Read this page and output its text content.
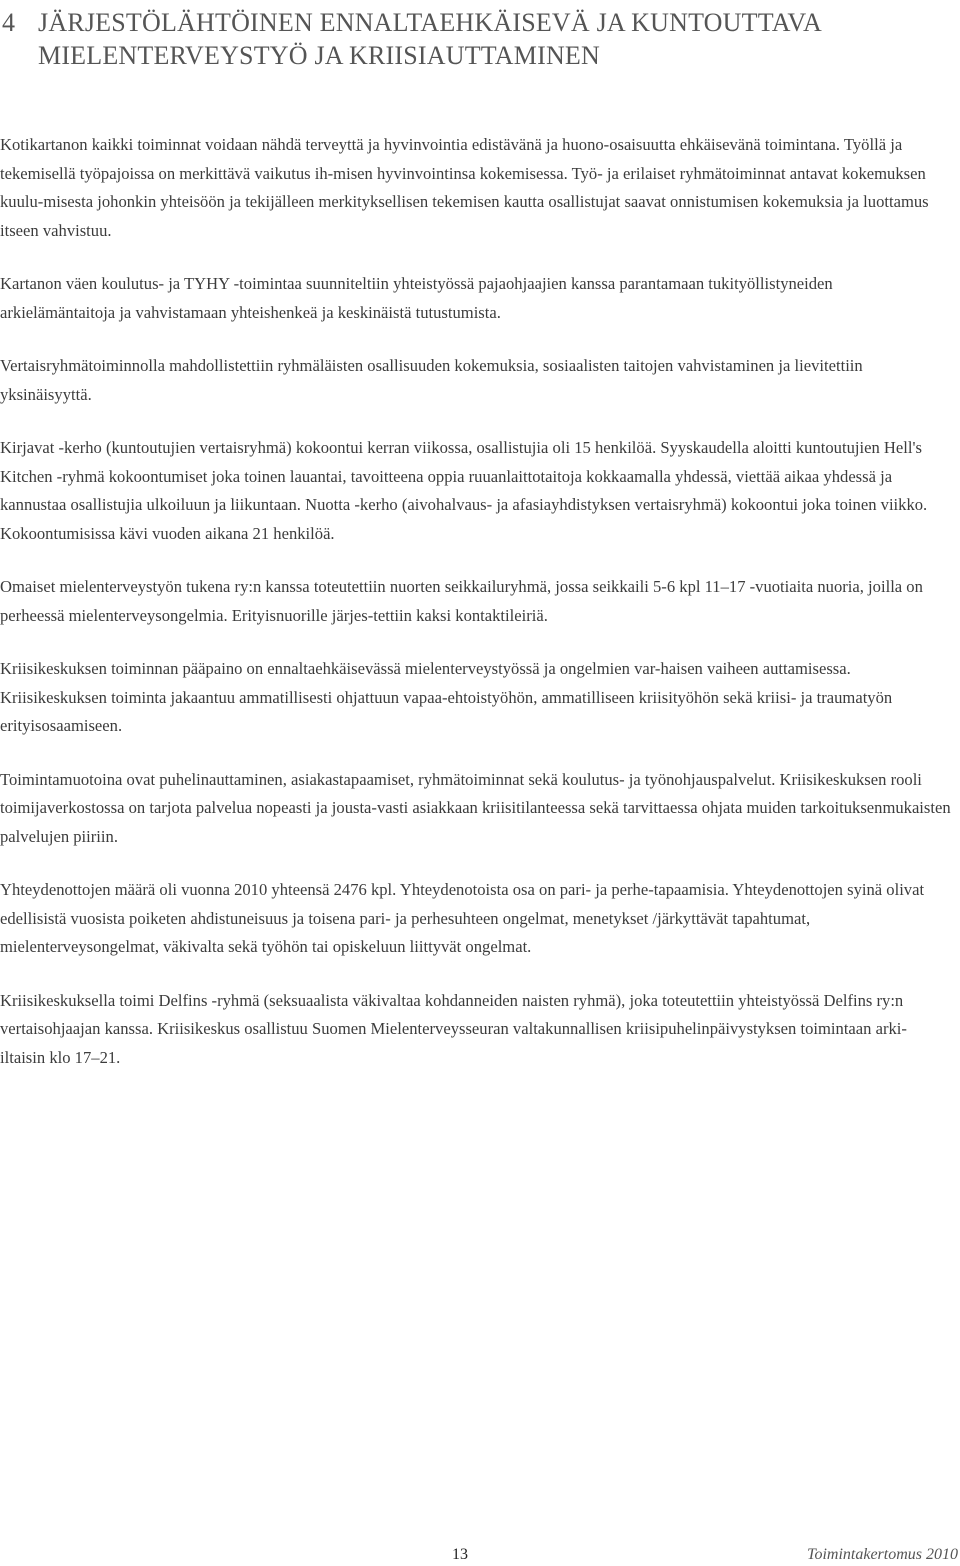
4 JÄRJESTÖLÄHTÖINEN ENNALTAEHKÄISEVÄ JA KUNTOUTTAVA MIELENTERVEYSTYÖ JA KRIISIAUTTAMINEN

Kotikartanon kaikki toiminnat voidaan nähdä terveyttä ja hyvinvointia edistävänä ja huono-osaisuutta ehkäisevänä toimintana. Työllä ja tekemisellä työpajoissa on merkittävä vaikutus ih-misen hyvinvointinsa kokemisessa. Työ- ja erilaiset ryhmätoiminnat antavat kokemuksen kuulu-misesta johonkin yhteisöön ja tekijälleen merkityksellisen tekemisen kautta osallistujat saavat onnistumisen kokemuksia ja luottamus itseen vahvistuu.

Kartanon väen koulutus- ja TYHY -toimintaa suunniteltiin yhteistyössä pajaohjaajien kanssa parantamaan tukityöllistyneiden arkielämäntaitoja ja vahvistamaan yhteishenkeä ja keskinäistä tutustumista.

Vertaisryhmätoiminnolla mahdollistettiin ryhmäläisten osallisuuden kokemuksia, sosiaalisten taitojen vahvistaminen ja lievitettiin yksinäisyyttä.

Kirjavat -kerho (kuntoutujien vertaisryhmä) kokoontui kerran viikossa, osallistujia oli 15 henkilöä. Syyskaudella aloitti kuntoutujien Hell's Kitchen -ryhmä kokoontumiset joka toinen lauantai, tavoitteena oppia ruuanlaittotaitoja kokkaamalla yhdessä, viettää aikaa yhdessä ja kannustaa osallistujia ulkoiluun ja liikuntaan. Nuotta -kerho (aivohalvaus- ja afasiayhdistyksen vertaisryhmä) kokoontui joka toinen viikko. Kokoontumisissa kävi vuoden aikana 21 henkilöä.

Omaiset mielenterveystyön tukena ry:n kanssa toteutettiin nuorten seikkailuryhmä, jossa seikkaili 5-6 kpl 11–17 -vuotiaita nuoria, joilla on perheessä mielenterveysongelmia. Erityisnuorille järjes-tettiin kaksi kontaktileiriä.

Kriisikeskuksen toiminnan pääpaino on ennaltaehkäisevässä mielenterveystyössä ja ongelmien var-haisen vaiheen auttamisessa. Kriisikeskuksen toiminta jakaantuu ammatillisesti ohjattuun vapaa-ehtoistyöhön, ammatilliseen kriisityöhön sekä kriisi- ja traumatyön erityisosaamiseen.

Toimintamuotoina ovat puhelinauttaminen, asiakastapaamiset, ryhmätoiminnat sekä koulutus- ja työnohjauspalvelut. Kriisikeskuksen rooli toimijaverkostossa on tarjota palvelua nopeasti ja jousta-vasti asiakkaan kriisitilanteessa sekä tarvittaessa ohjata muiden tarkoituksenmukaisten palvelujen piiriin.

Yhteydenottojen määrä oli vuonna 2010 yhteensä 2476 kpl. Yhteydenotoista osa on pari- ja perhe-tapaamisia. Yhteydenottojen syinä olivat edellisistä vuosista poiketen ahdistuneisuus ja toisena pari- ja perhesuhteen ongelmat, menetykset /järkyttävät tapahtumat, mielenterveysongelmat, väkivalta sekä työhön tai opiskeluun liittyvät ongelmat.

Kriisikeskuksella toimi Delfins -ryhmä (seksuaalista väkivaltaa kohdanneiden naisten ryhmä), joka toteutettiin yhteistyössä Delfins ry:n vertaisohjaajan kanssa. Kriisikeskus osallistuu Suomen Mielenterveysseuran valtakunnallisen kriisipuhelinpäivystyksen toimintaan arki-iltaisin klo 17–21.

13	Toimintakertomus 2010
